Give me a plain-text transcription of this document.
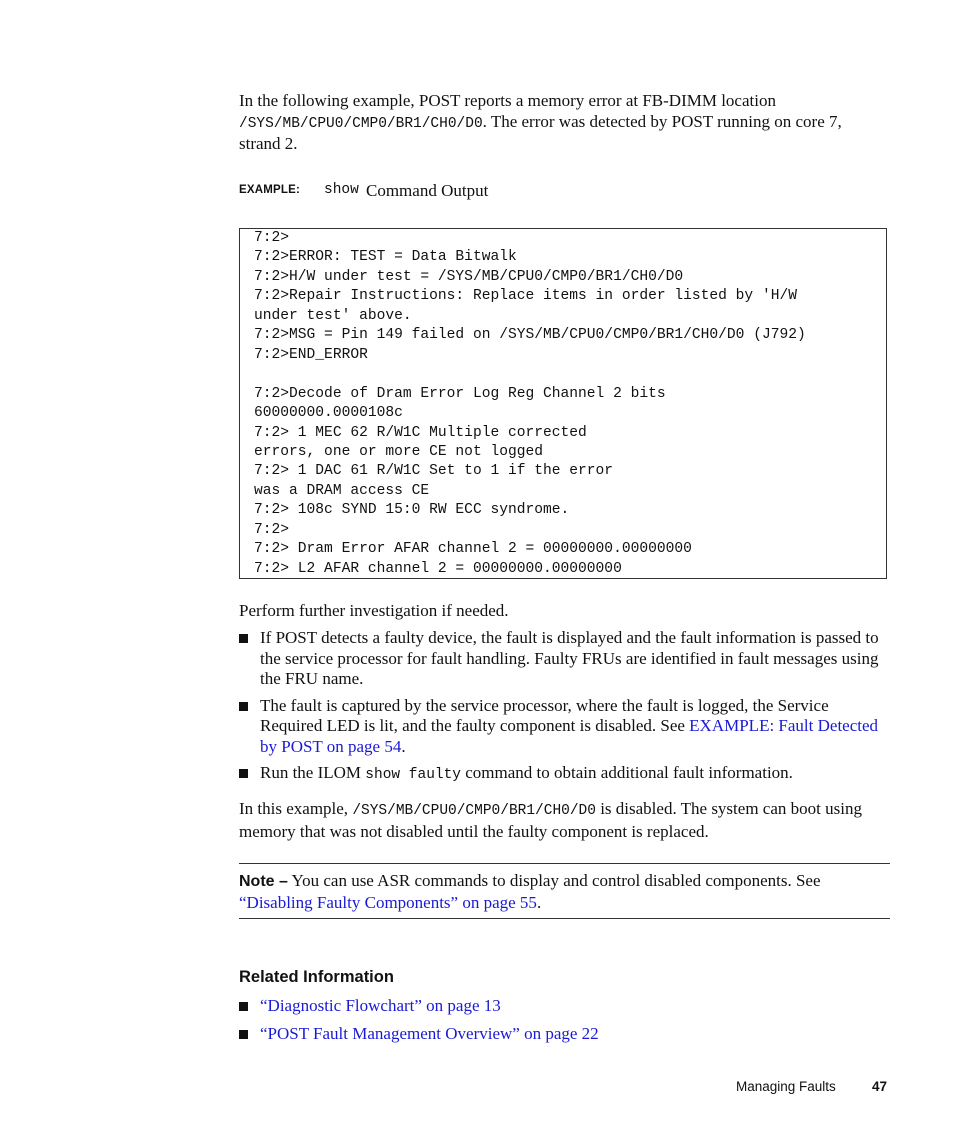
In the following example, POST reports a memory error at FB-DIMM location /SYS/MB/CPU0/CMP0/BR1/CH0/D0. The error was detected by POST running on core 7, strand 2.
EXAMPLE: show Command Output
7:2>
7:2>ERROR: TEST = Data Bitwalk
7:2>H/W under test = /SYS/MB/CPU0/CMP0/BR1/CH0/D0
7:2>Repair Instructions: Replace items in order listed by 'H/W
under test' above.
7:2>MSG = Pin 149 failed on /SYS/MB/CPU0/CMP0/BR1/CH0/D0 (J792)
7:2>END_ERROR

7:2>Decode of Dram Error Log Reg Channel 2 bits
60000000.0000108c
7:2> 1 MEC 62 R/W1C Multiple corrected
errors, one or more CE not logged
7:2> 1 DAC 61 R/W1C Set to 1 if the error
was a DRAM access CE
7:2> 108c SYND 15:0 RW ECC syndrome.
7:2>
7:2> Dram Error AFAR channel 2 = 00000000.00000000
7:2> L2 AFAR channel 2 = 00000000.00000000
Perform further investigation if needed.
If POST detects a faulty device, the fault is displayed and the fault information is passed to the service processor for fault handling. Faulty FRUs are identified in fault messages using the FRU name.
The fault is captured by the service processor, where the fault is logged, the Service Required LED is lit, and the faulty component is disabled. See EXAMPLE: Fault Detected by POST on page 54.
Run the ILOM show faulty command to obtain additional fault information.
In this example, /SYS/MB/CPU0/CMP0/BR1/CH0/D0 is disabled. The system can boot using memory that was not disabled until the faulty component is replaced.
Note – You can use ASR commands to display and control disabled components. See “Disabling Faulty Components” on page 55.
Related Information
“Diagnostic Flowchart” on page 13
“POST Fault Management Overview” on page 22
Managing Faults	47
